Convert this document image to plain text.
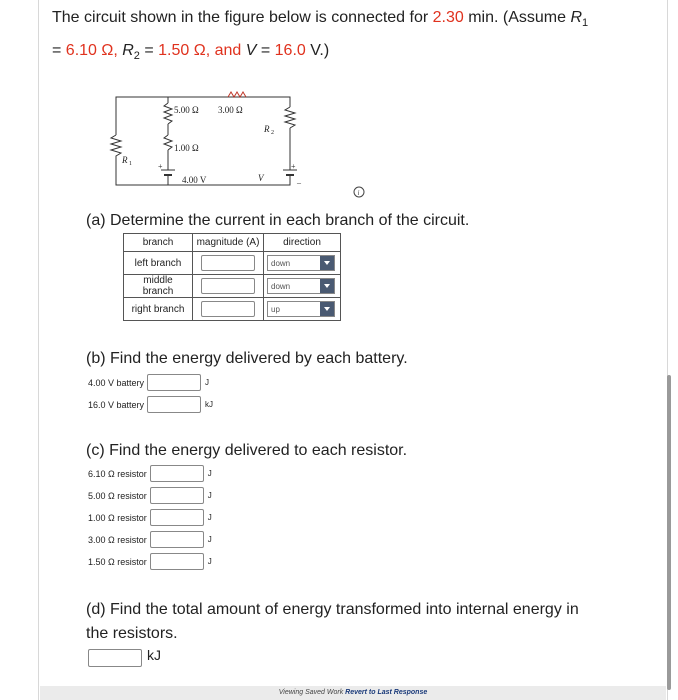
The circuit shown in the figure below is connected for 2.30 min. (Assume $R_1$
= 6.10 Ω, $R_2 = 1.50$ Ω, and V = 16.0 V.)
5.00 Ω 3.00 Ω
1.00 Ω
R 1
R 2
4.00 V	V
+	+
–
i
(a) Determine the current in each branch of the circuit.
branch	magnitude (A)	direction
left branch		down

middle branch		down

right branch		up
(b) Find the energy delivered by each battery.
4.00 V battery	J
16.0 V battery	kJ
(c) Find the energy delivered to each resistor.
6.10 Ω resistor	J
5.00 Ω resistor	J
1.00 Ω resistor	J
3.00 Ω resistor	J
1.50 Ω resistor	J
(d) Find the total amount of energy transformed into internal energy in
the resistors.
kJ
Viewing Saved Work Revert to Last Response
